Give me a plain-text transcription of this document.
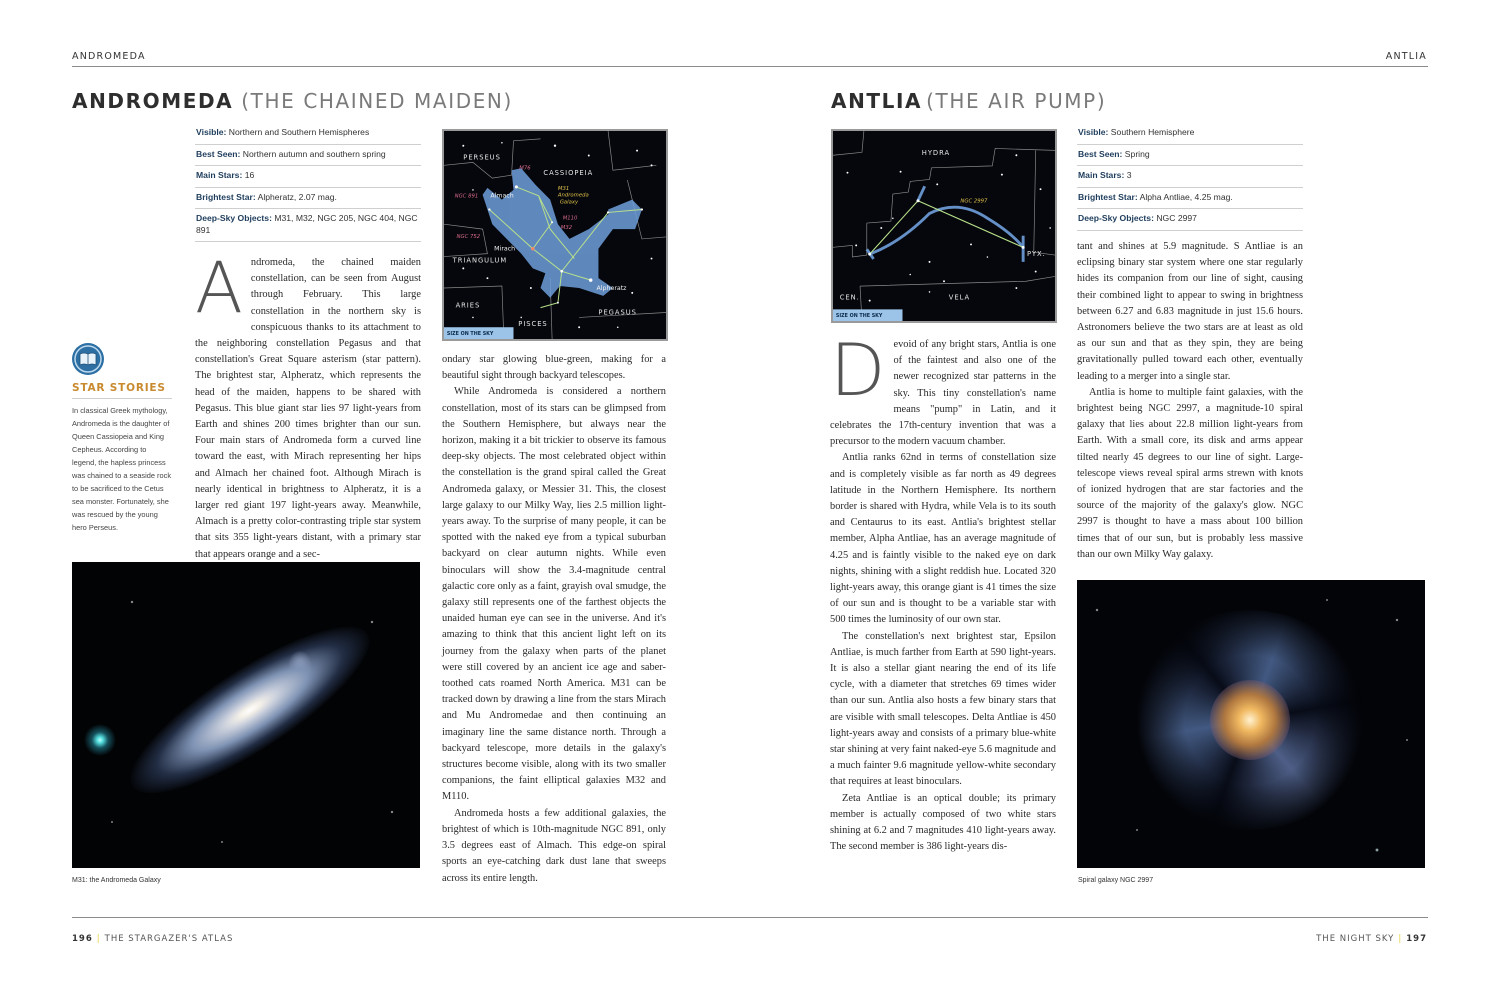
ANDROMEDA	ANTLIA
ANDROMEDA (THE CHAINED MAIDEN)
Visible: Northern and Southern Hemispheres
Best Seen: Northern autumn and southern spring
Main Stars: 16
Brightest Star: Alpheratz, 2.07 mag.
Deep-Sky Objects: M31, M32, NGC 205, NGC 404, NGC 891
A ndromeda, the chained maiden constellation, can be seen from August through February. This large constellation in the northern sky is conspicuous thanks to its attachment to the neighboring constellation Pegasus and that constellation's Great Square asterism (star pattern). The brightest star, Alpheratz, which represents the head of the maiden, happens to be shared with Pegasus. This blue giant star lies 97 light-years from Earth and shines 200 times brighter than our sun. Four main stars of Andromeda form a curved line toward the east, with Mirach representing her hips and Almach her chained foot. Although Mirach is nearly identical in brightness to Alpheratz, it is a larger red giant 197 light-years away. Meanwhile, Almach is a pretty color-contrasting triple star system that sits 355 light-years distant, with a primary star that appears orange and a sec-

STAR STORIES
In classical Greek mythology, Andromeda is the daughter of Queen Cassiopeia and King Cepheus. According to legend, the hapless princess was chained to a seaside rock to be sacrificed to the Cetus sea monster. Fortunately, she was rescued by the young hero Perseus.
PERSEUS
CASSIOPEIA
TRIANGULUM
ARIES
PISCES
PEGASUS
Almach
Mirach
Alpheratz
M76
NGC 891
NGC 752
M110
M32
M31
Andromeda
Galaxy
SIZE ON THE SKY

ondary star glowing blue-green, making for a beautiful sight through backyard telescopes.

While Andromeda is considered a northern constellation, most of its stars can be glimpsed from the Southern Hemisphere, but always near the horizon, making it a bit trickier to observe its famous deep-sky objects. The most celebrated object within the constellation is the grand spiral called the Great Andromeda galaxy, or Messier 31. This, the closest large galaxy to our Milky Way, lies 2.5 million light-years away. To the surprise of many people, it can be spotted with the naked eye from a typical suburban backyard on clear autumn nights. While even binoculars will show the 3.4-magnitude central galactic core only as a faint, grayish oval smudge, the galaxy still represents one of the farthest objects the unaided human eye can see in the universe. And it's amazing to think that this ancient light left on its journey from the galaxy when parts of the planet were still covered by an ancient ice age and saber-toothed cats roamed North America. M31 can be tracked down by drawing a line from the stars Mirach and Mu Andromedae and then continuing an imaginary line the same distance north. Through a backyard telescope, more details in the galaxy's structures become visible, along with its two smaller companions, the faint elliptical galaxies M32 and M110.

Andromeda hosts a few additional galaxies, the brightest of which is 10th-magnitude NGC 891, only 3.5 degrees east of Almach. This edge-on spiral sports an eye-catching dark dust lane that sweeps across its entire length.

M31: the Andromeda Galaxy
ANTLIA (THE AIR PUMP)
HYDRA
PYX.
CEN.	VELA
NGC 2997
SIZE ON THE SKY
Visible: Southern Hemisphere
Best Seen: Spring
Main Stars: 3
Brightest Star: Alpha Antliae, 4.25 mag.
Deep-Sky Objects: NGC 2997
D evoid of any bright stars, Antlia is one of the faintest and also one of the newer recognized star patterns in the sky. This tiny constellation's name means "pump" in Latin, and it celebrates the 17th-century invention that was a precursor to the modern vacuum chamber.

Antlia ranks 62nd in terms of constellation size and is completely visible as far north as 49 degrees latitude in the Northern Hemisphere. Its northern border is shared with Hydra, while Vela is to its south and Centaurus to its east. Antlia's brightest stellar member, Alpha Antliae, has an average magnitude of 4.25 and is faintly visible to the naked eye on dark nights, shining with a slight reddish hue. Located 320 light-years away, this orange giant is 41 times the size of our sun and is thought to be a variable star with 500 times the luminosity of our own star.

The constellation's next brightest star, Epsilon Antliae, is much farther from Earth at 590 light-years. It is also a stellar giant nearing the end of its life cycle, with a diameter that stretches 69 times wider than our sun. Antlia also hosts a few binary stars that are visible with small telescopes. Delta Antliae is 450 light-years away and consists of a primary blue-white star shining at very faint naked-eye 5.6 magnitude and a much fainter 9.6 magnitude yellow-white secondary that requires at least binoculars.

Zeta Antliae is an optical double; its primary member is actually composed of two white stars shining at 6.2 and 7 magnitudes 410 light-years away. The second member is 386 light-years dis-

tant and shines at 5.9 magnitude. S Antliae is an eclipsing binary star system where one star regularly hides its companion from our line of sight, causing their combined light to appear to swing in brightness between 6.27 and 6.83 magnitude in just 15.6 hours. Astronomers believe the two stars are at least as old as our sun and that as they spin, they are being gravitationally pulled toward each other, eventually leading to a merger into a single star.

Antlia is home to multiple faint galaxies, with the brightest being NGC 2997, a magnitude-10 spiral galaxy that lies about 22.8 million light-years from Earth. With a small core, its disk and arms appear tilted nearly 45 degrees to our line of sight. Large-telescope views reveal spiral arms strewn with knots of ionized hydrogen that are star factories and the source of the majority of the galaxy's glow. NGC 2997 is thought to have a mass about 100 billion times that of our sun, but is probably less massive than our own Milky Way galaxy.

Spiral galaxy NGC 2997
196 | THE STARGAZER'S ATLAS	THE NIGHT SKY | 197
